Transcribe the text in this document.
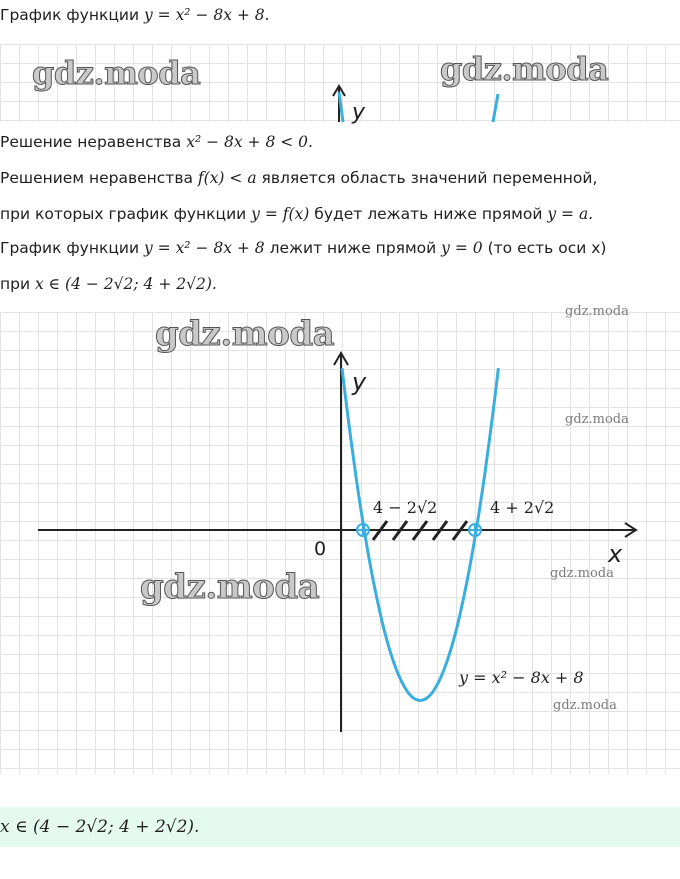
График функции y = x² − 8x + 8.
gdz.moda	gdz.moda
y
Решение неравенства x² − 8x + 8 < 0.
Решением неравенства f(x) < a является область значений переменной,
при которых график функции y = f(x) будет лежать ниже прямой y = a.
График функции y = x² − 8x + 8 лежит ниже прямой y = 0 (то есть оси x)
при x ∈ (4 − 2√2; 4 + 2√2).
y
x
0
4 − 2√2	4 + 2√2
y = x² − 8x + 8
gdz.moda
gdz.moda
gdz.moda
gdz.moda
gdz.moda
gdz.moda
x ∈ (4 − 2√2; 4 + 2√2).
